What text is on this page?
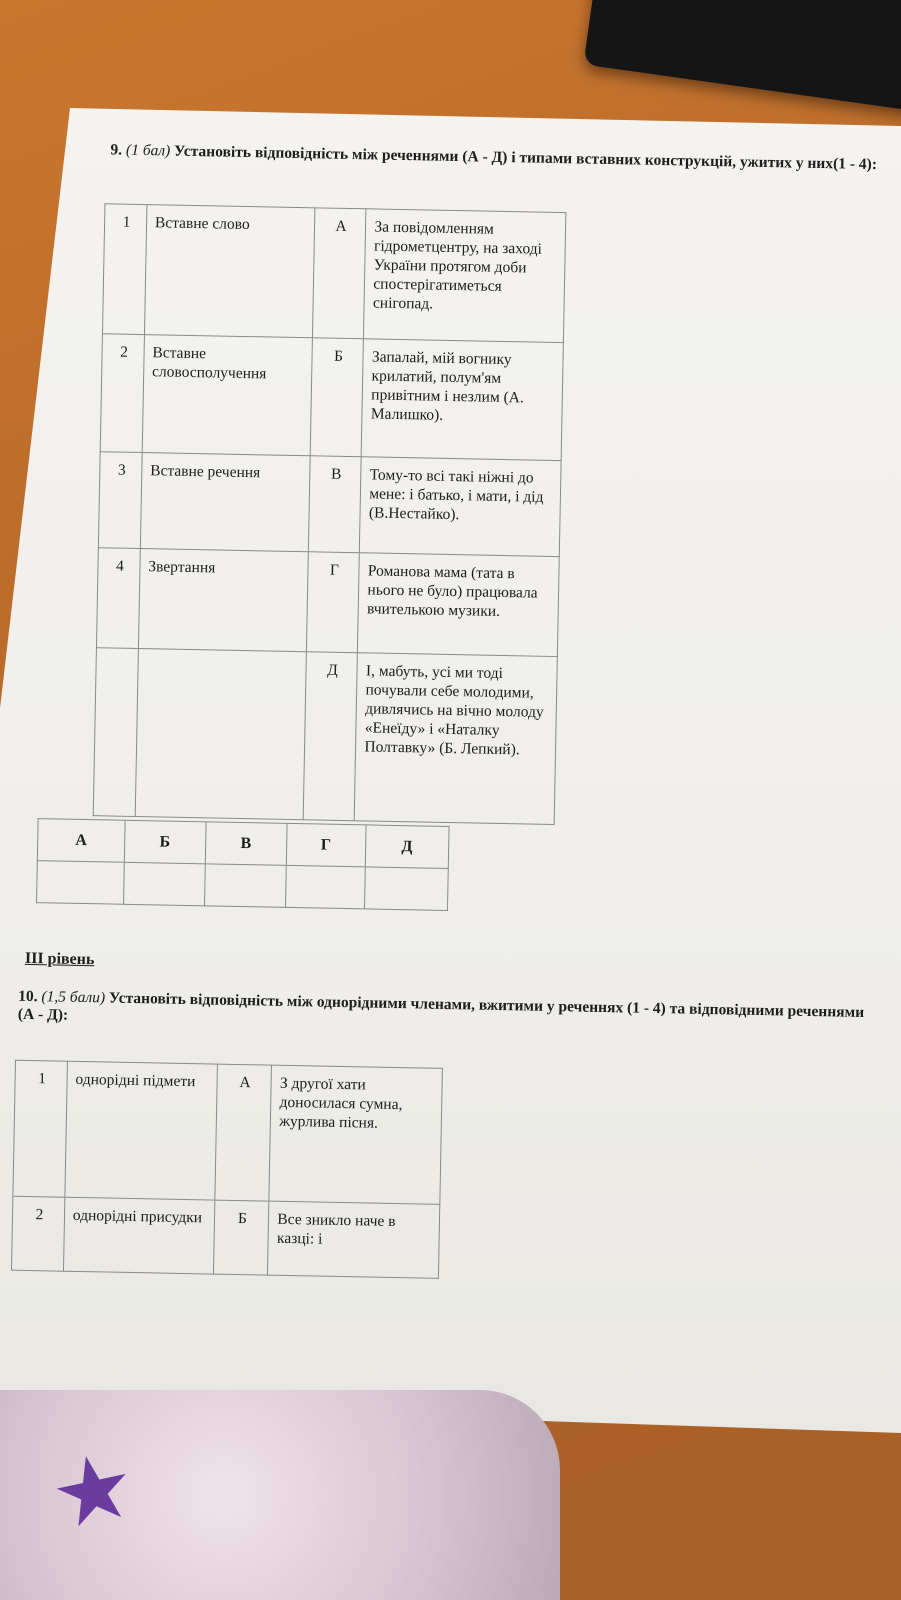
★
9. (1 бал) Установіть відповідність між реченнями (А - Д) і типами вставних конструкцій, ужитих у них(1 - 4):
1	Вставне слово	А	За повідомленням гідрометцентру, на заході України протягом доби спостерігатиметься снігопад.
2	Вставне словосполучення	Б	Запалай, мій вогнику крилатий, полум'ям привітним і незлим (А. Малишко).
3	Вставне речення	В	Тому-то всі такі ніжні до мене: і батько, і мати, і дід (В.Нестайко).
4	Звертання	Г	Романова мама (тата в нього не було) працювала вчителькою музики.
		Д	І, мабуть, усі ми тоді почували себе молодими, дивлячись на вічно молоду «Енеїду» і «Наталку Полтавку» (Б. Лепкий).
А	Б	В	Г	Д

ІІІ рівень
10. (1,5 бали) Установіть відповідність між однорідними членами, вжитими у реченнях (1 - 4) та відповідними реченнями (А - Д):
1	однорідні підмети	А	З другої хати доносилася сумна, журлива пісня.
2	однорідні присудки	Б	Все зникло наче в казці: і
